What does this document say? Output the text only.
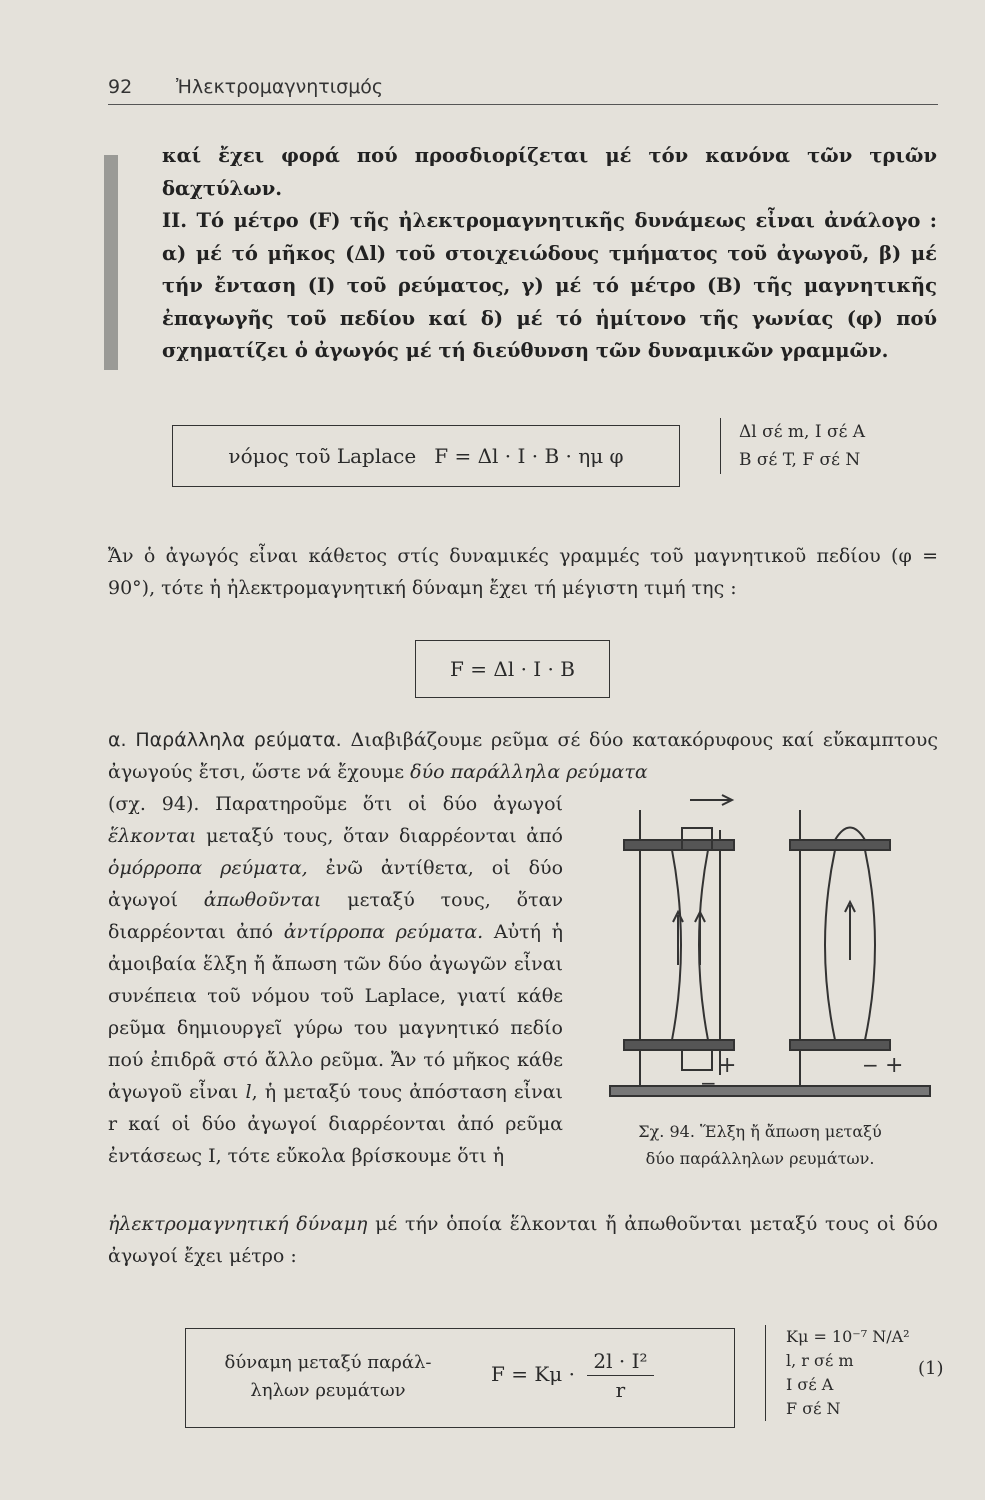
92 Ἠλεκτρομαγνητισμός

καί ἔχει φορά πού προσδιορίζεται μέ τόν κανόνα τῶν τριῶν δαχτύλων.

ΙΙ. Τό μέτρο (F) τῆς ἠλεκτρομαγνητικῆς δυνάμεως εἶναι ἀνάλογο : α) μέ τό μῆκος (Δl) τοῦ στοιχειώδους τμήματος τοῦ ἀγωγοῦ, β) μέ τήν ἔνταση (Ι) τοῦ ρεύματος, γ) μέ τό μέτρο (Β) τῆς μαγνητικῆς ἐπαγωγῆς τοῦ πεδίου καί δ) μέ τό ἡμίτονο τῆς γωνίας (φ) πού σχηματίζει ὁ ἀγωγός μέ τή διεύθυνση τῶν δυναμικῶν γραμμῶν.

νόμος τοῦ Laplace F = Δl · I · B · ημ φ
Δl σέ m, I σέ A
B σέ T, F σέ N

Ἄν ὁ ἀγωγός εἶναι κάθετος στίς δυναμικές γραμμές τοῦ μαγνητικοῦ πεδίου (φ = 90°), τότε ἡ ἠλεκτρομαγνητική δύναμη ἔχει τή μέγιστη τιμή της :

F = Δl · I · B

α. Παράλληλα ρεύματα. Διαβιβάζουμε ρεῦμα σέ δύο κατακόρυφους καί εὔκαμπτους ἀγωγούς ἔτσι, ὥστε νά ἔχουμε δύο παράλληλα ρεύματα

(σχ. 94). Παρατηροῦμε ὅτι οἱ δύο ἀγωγοί ἕλκονται μεταξύ τους, ὅταν διαρρέονται ἀπό ὁμόρροπα ρεύματα, ἐνῶ ἀντίθετα, οἱ δύο ἀγωγοί ἀπωθοῦνται μεταξύ τους, ὅταν διαρρέονται ἀπό ἀντίρροπα ρεύματα. Αὐτή ἡ ἀμοιβαία ἕλξη ἤ ἄπωση τῶν δύο ἀγωγῶν εἶναι συνέπεια τοῦ νόμου τοῦ Laplace, γιατί κάθε ρεῦμα δημιουργεῖ γύρω του μαγνητικό πεδίο πού ἐπιδρᾶ στό ἄλλο ρεῦμα. Ἄν τό μῆκος κάθε ἀγωγοῦ εἶναι l, ἡ μεταξύ τους ἀπόσταση εἶναι r καί οἱ δύο ἀγωγοί διαρρέονται ἀπό ρεῦμα ἐντάσεως Ι, τότε εὔκολα βρίσκουμε ὅτι ἡ

ἠλεκτρομαγνητική δύναμη μέ τήν ὁποία ἕλκονται ἤ ἀπωθοῦνται μεταξύ τους οἱ δύο ἀγωγοί ἔχει μέτρο :

+
−
+
−
Σχ. 94. Ἕλξη ἤ ἄπωση μεταξύ
δύο παράλληλων ρευμάτων.
δύναμη μεταξύ παράλ-
ληλων ρευμάτων
$F = K\mu \cdot \frac{\text{2l · I²}}{r}$
Kμ = 10⁻⁷ N/A²
l, r σέ m
I σέ A
F σέ N
(1)
